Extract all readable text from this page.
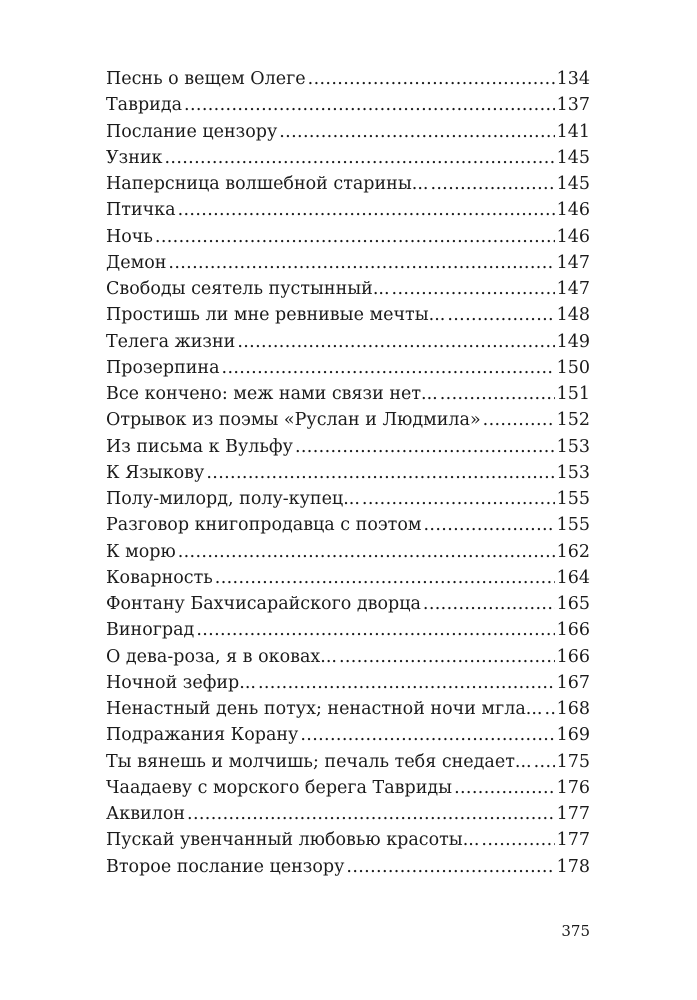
Песнь о вещем Олеге . . .	134
Таврида . . .	137
Послание цензору . . .	141
Узник . . .	145
Наперсница волшебной старины... . . .	145
Птичка . . .	146
Ночь . . .	146
Демон . . .	147
Свободы сеятель пустынный... . . .	147
Простишь ли мне ревнивые мечты... . . .	148
Телега жизни . . .	149
Прозерпина . . .	150
Все кончено: меж нами связи нет... . . .	151
Отрывок из поэмы «Руслан и Людмила» . . .	152
Из письма к Вульфу . . .	153
К Языкову . . .	153
Полу-милорд, полу-купец... . . .	155
Разговор книгопродавца с поэтом . . .	155
К морю . . .	162
Коварность . . .	164
Фонтану Бахчисарайского дворца . . .	165
Виноград . . .	166
О дева-роза, я в оковах... . . .	166
Ночной зефир... . . .	167
Ненастный день потух; ненастной ночи мгла... . . . 168
Подражания Корану . . .	169
Ты вянешь и молчишь; печаль тебя снедает... . . . 175
Чаадаеву с морского берега Тавриды . . .	176
Аквилон . . .	177
Пускай увенчанный любовью красоты... . . .	177
Второе послание цензору . . .	178
375
